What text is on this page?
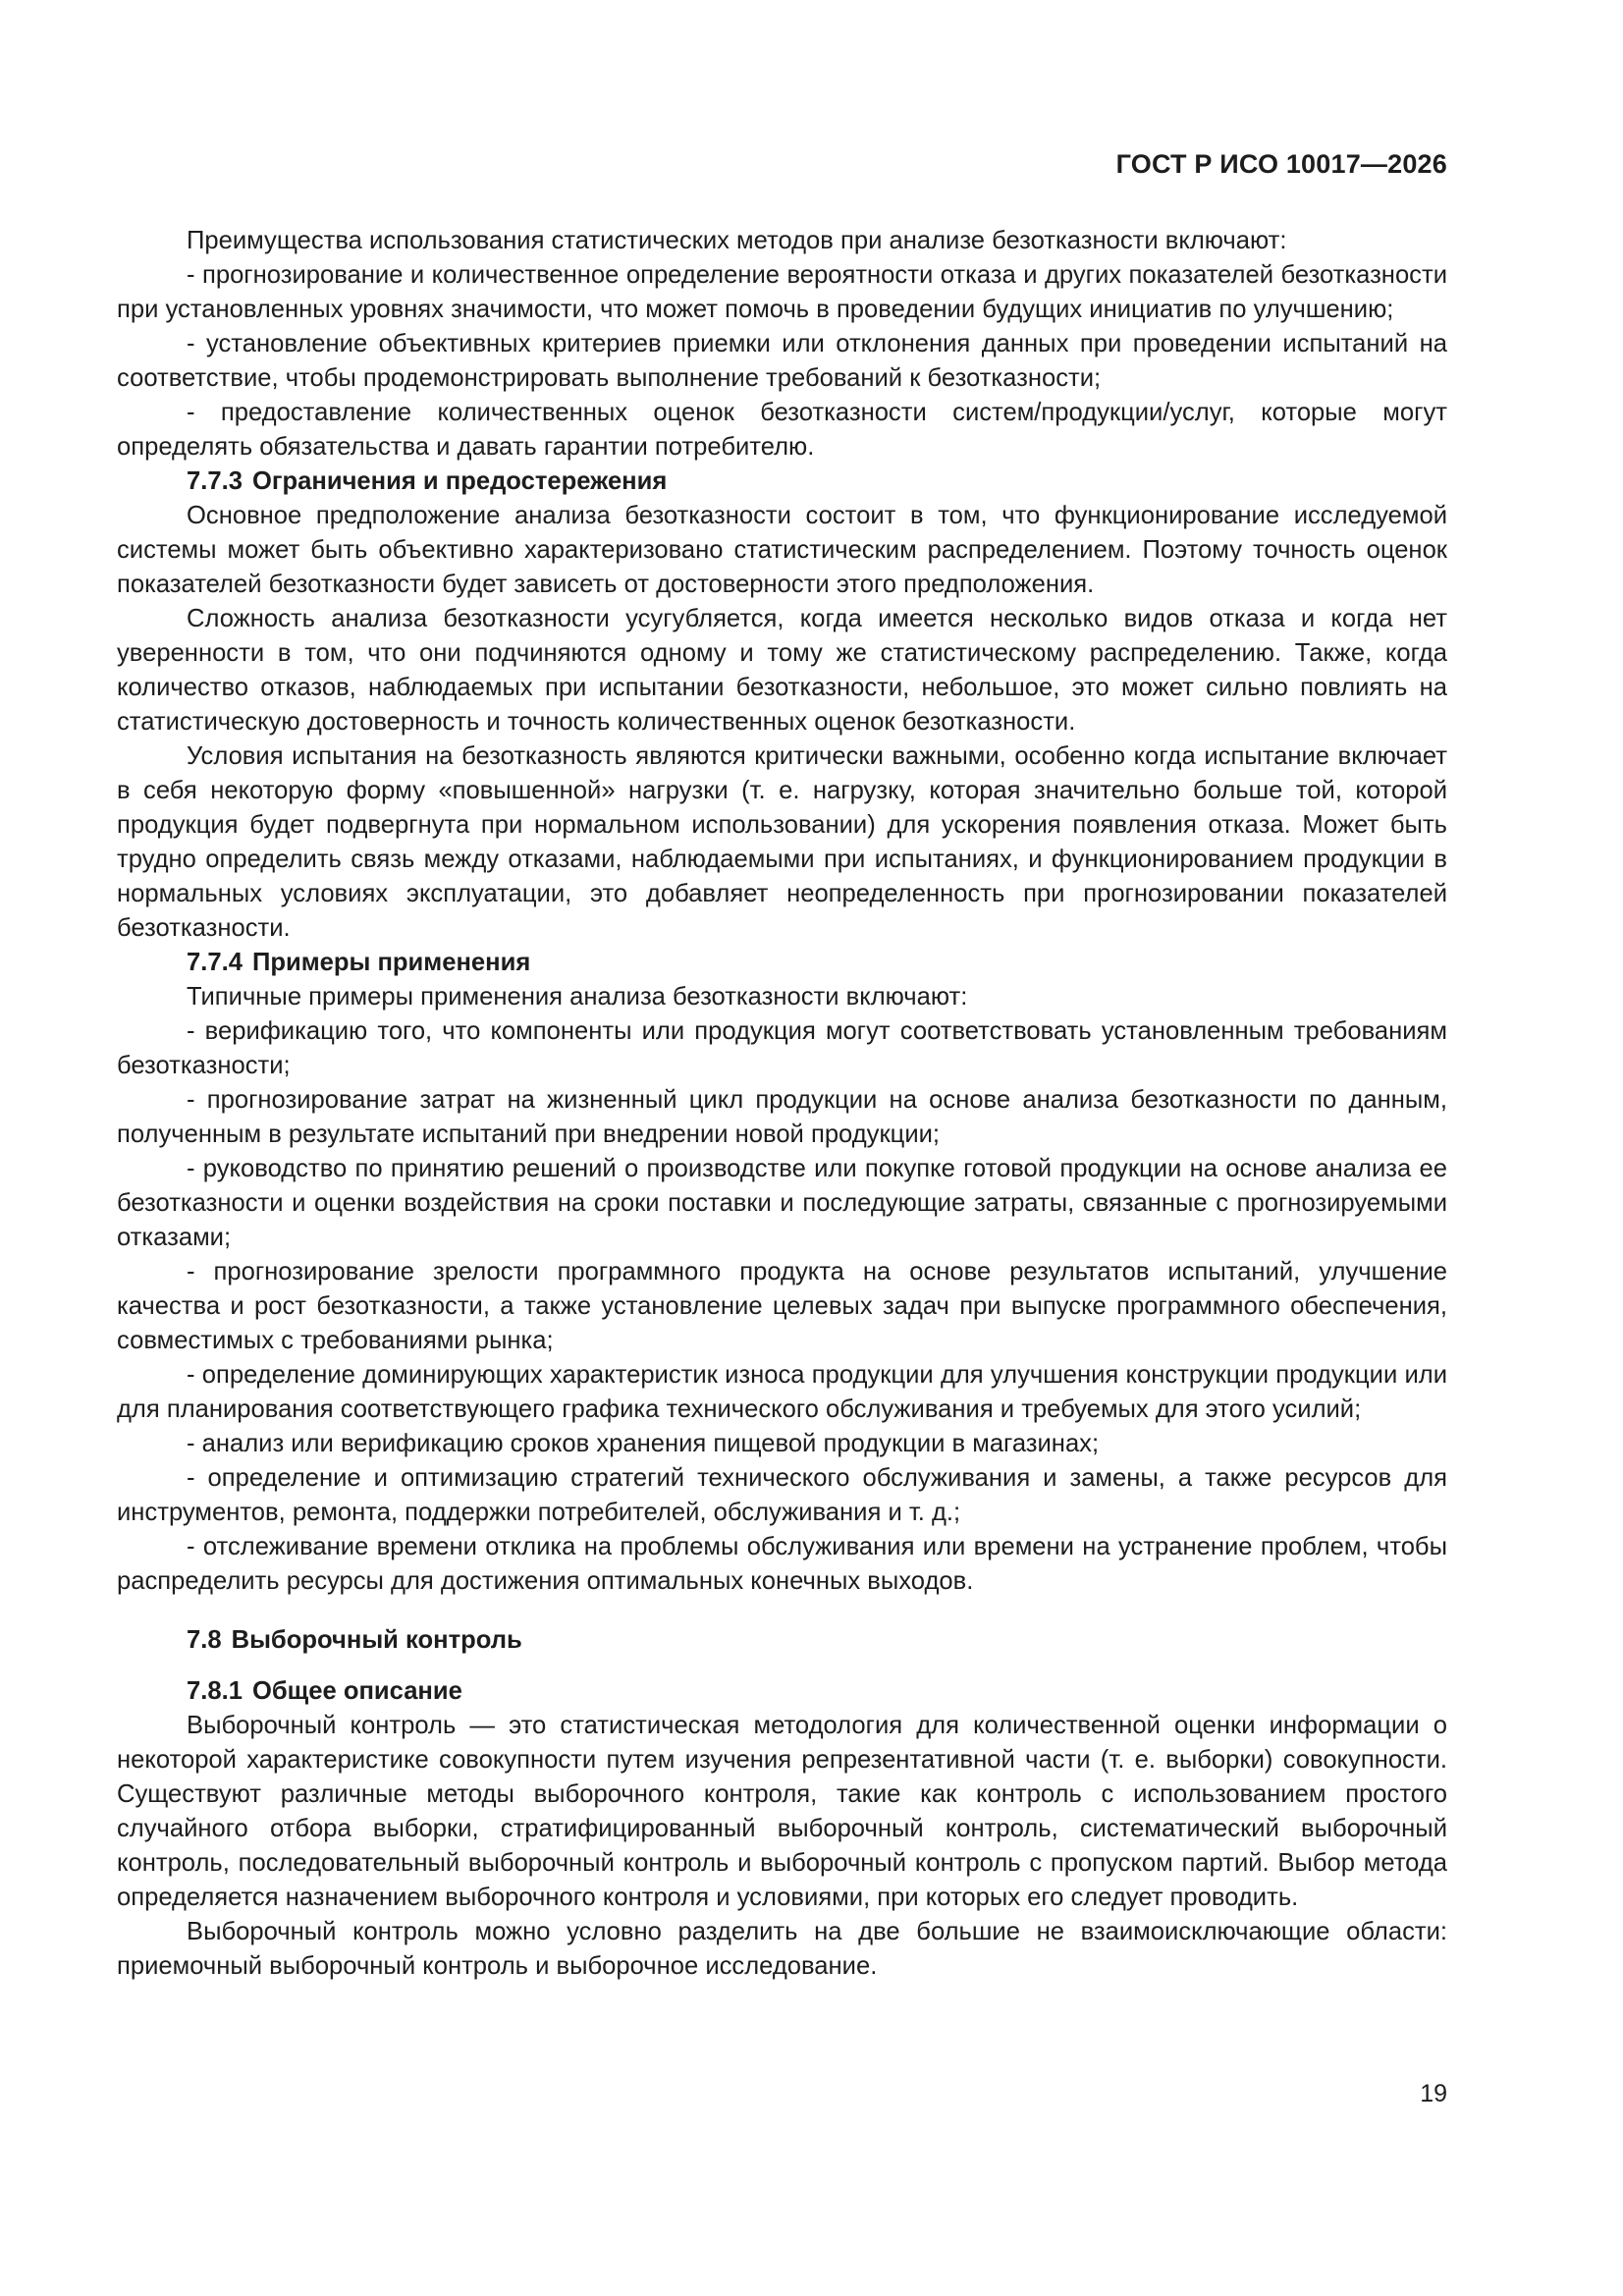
ГОСТ Р ИСО 10017—2026

Преимущества использования статистических методов при анализе безотказности включают:

- прогнозирование и количественное определение вероятности отказа и других показателей безотказности при установленных уровнях значимости, что может помочь в проведении будущих инициатив по улучшению;

- установление объективных критериев приемки или отклонения данных при проведении испытаний на соответствие, чтобы продемонстрировать выполнение требований к безотказности;

- предоставление количественных оценок безотказности систем/продукции/услуг, которые могут определять обязательства и давать гарантии потребителю.

7.7.3 Ограничения и предостережения

Основное предположение анализа безотказности состоит в том, что функционирование исследуемой системы может быть объективно характеризовано статистическим распределением. Поэтому точность оценок показателей безотказности будет зависеть от достоверности этого предположения.

Сложность анализа безотказности усугубляется, когда имеется несколько видов отказа и когда нет уверенности в том, что они подчиняются одному и тому же статистическому распределению. Также, когда количество отказов, наблюдаемых при испытании безотказности, небольшое, это может сильно повлиять на статистическую достоверность и точность количественных оценок безотказности.

Условия испытания на безотказность являются критически важными, особенно когда испытание включает в себя некоторую форму «повышенной» нагрузки (т. е. нагрузку, которая значительно больше той, которой продукция будет подвергнута при нормальном использовании) для ускорения появления отказа. Может быть трудно определить связь между отказами, наблюдаемыми при испытаниях, и функционированием продукции в нормальных условиях эксплуатации, это добавляет неопределенность при прогнозировании показателей безотказности.

7.7.4 Примеры применения

Типичные примеры применения анализа безотказности включают:

- верификацию того, что компоненты или продукция могут соответствовать установленным требованиям безотказности;

- прогнозирование затрат на жизненный цикл продукции на основе анализа безотказности по данным, полученным в результате испытаний при внедрении новой продукции;

- руководство по принятию решений о производстве или покупке готовой продукции на основе анализа ее безотказности и оценки воздействия на сроки поставки и последующие затраты, связанные с прогнозируемыми отказами;

- прогнозирование зрелости программного продукта на основе результатов испытаний, улучшение качества и рост безотказности, а также установление целевых задач при выпуске программного обеспечения, совместимых с требованиями рынка;

- определение доминирующих характеристик износа продукции для улучшения конструкции продукции или для планирования соответствующего графика технического обслуживания и требуемых для этого усилий;

- анализ или верификацию сроков хранения пищевой продукции в магазинах;

- определение и оптимизацию стратегий технического обслуживания и замены, а также ресурсов для инструментов, ремонта, поддержки потребителей, обслуживания и т. д.;

- отслеживание времени отклика на проблемы обслуживания или времени на устранение проблем, чтобы распределить ресурсы для достижения оптимальных конечных выходов.

7.8 Выборочный контроль
7.8.1 Общее описание

Выборочный контроль — это статистическая методология для количественной оценки информации о некоторой характеристике совокупности путем изучения репрезентативной части (т. е. выборки) совокупности. Существуют различные методы выборочного контроля, такие как контроль с использованием простого случайного отбора выборки, стратифицированный выборочный контроль, систематический выборочный контроль, последовательный выборочный контроль и выборочный контроль с пропуском партий. Выбор метода определяется назначением выборочного контроля и условиями, при которых его следует проводить.

Выборочный контроль можно условно разделить на две большие не взаимоисключающие области: приемочный выборочный контроль и выборочное исследование.

19
